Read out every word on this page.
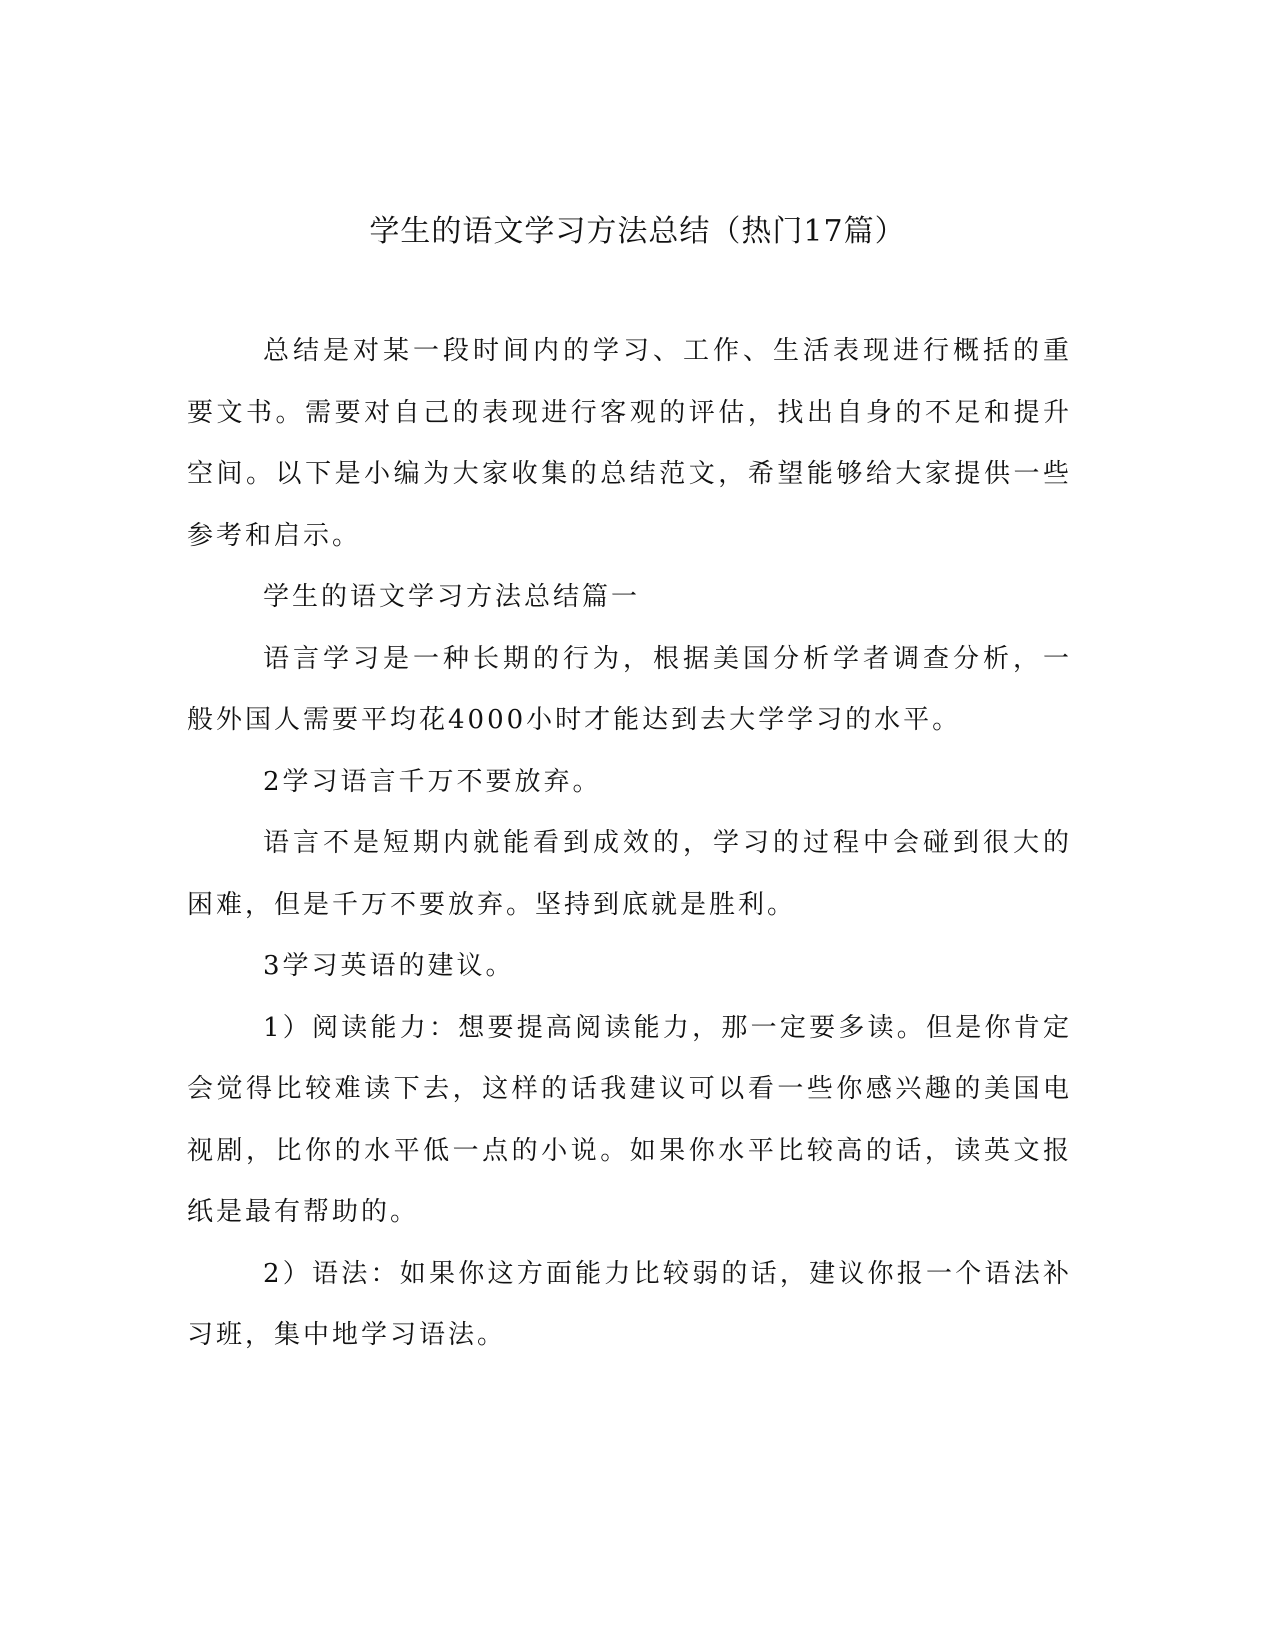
学生的语文学习方法总结（热门17篇）

总结是对某一段时间内的学习、工作、生活表现进行概括的重要文书。需要对自己的表现进行客观的评估，找出自身的不足和提升空间。以下是小编为大家收集的总结范文，希望能够给大家提供一些参考和启示。

学生的语文学习方法总结篇一

语言学习是一种长期的行为，根据美国分析学者调查分析，一般外国人需要平均花4000小时才能达到去大学学习的水平。

2学习语言千万不要放弃。

语言不是短期内就能看到成效的，学习的过程中会碰到很大的困难，但是千万不要放弃。坚持到底就是胜利。

3学习英语的建议。

1）阅读能力：想要提高阅读能力，那一定要多读。但是你肯定会觉得比较难读下去，这样的话我建议可以看一些你感兴趣的美国电视剧，比你的水平低一点的小说。如果你水平比较高的话，读英文报纸是最有帮助的。

2）语法：如果你这方面能力比较弱的话，建议你报一个语法补习班，集中地学习语法。
